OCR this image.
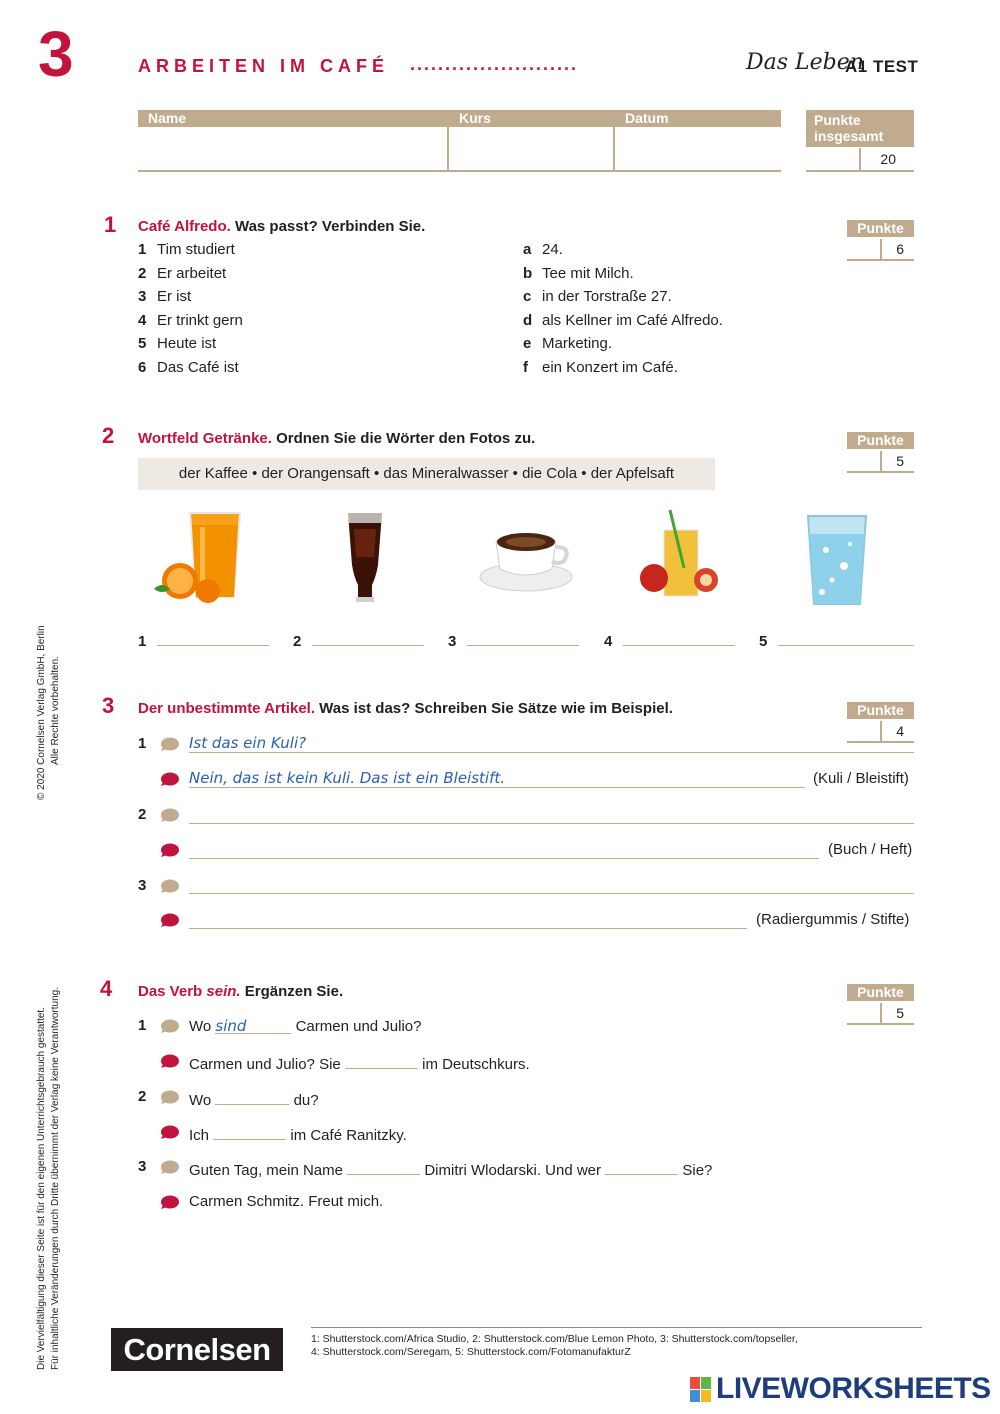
3	ARBEITEN IM CAFÉ ........................	Das Leben
A1 TEST
Name	Kurs	Datum	Punkte insgesamt
20
1 Café Alfredo. Was passt? Verbinden Sie.	Punkte
6
1 Tim studiert
2 Er arbeitet
3 Er ist
4 Er trinkt gern
5 Heute ist
6 Das Café ist
a 24.
b Tee mit Milch.
c in der Torstraße 27.
d als Kellner im Café Alfredo.
e Marketing.
f ein Konzert im Café.
2 Wortfeld Getränke. Ordnen Sie die Wörter den Fotos zu.	Punkte
5
der Kaffee • der Orangensaft • das Mineralwasser • die Cola • der Apfelsaft
1	2	3	4	5
3 Der unbestimmte Artikel. Was ist das? Schreiben Sie Sätze wie im Beispiel.	Punkte
4
1	Ist das ein Kuli?
Nein, das ist kein Kuli. Das ist ein Bleistift.	(Kuli / Bleistift)
2
(Buch / Heft)
3
(Radiergummis / Stifte)
4 Das Verb sein. Ergänzen Sie.	Punkte
5
1	Wo sind	Carmen und Julio?
Carmen und Julio? Sie	im Deutschkurs.
2	Wo	du?
Ich	im Café Ranitzky.
3	Guten Tag, mein Name	Dimitri Wlodarski. Und wer	Sie?
Carmen Schmitz. Freut mich.
© 2020 Cornelsen Verlag GmbH, Berlin Alle Rechte vorbehalten.
Die Vervielfältigung dieser Seite ist für den eigenen Unterrichtsgebrauch gestattet. Für inhaltliche Veränderungen durch Dritte übernimmt der Verlag keine Verantwortung.	Cornelsen	1: Shutterstock.com/Africa Studio, 2: Shutterstock.com/Blue Lemon Photo, 3: Shutterstock.com/topseller,
4: Shutterstock.com/Seregam, 5: Shutterstock.com/FotomanufakturZ
LIVEWORKSHEETS
